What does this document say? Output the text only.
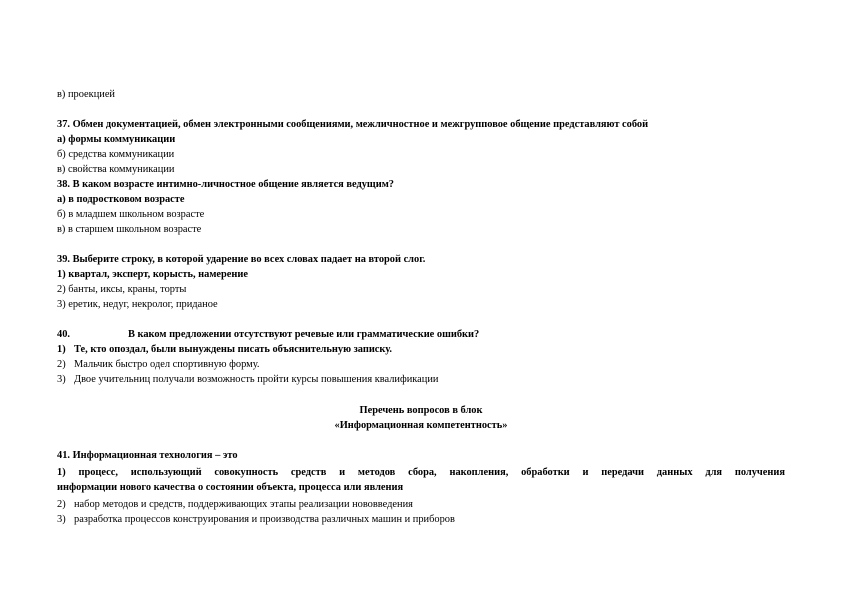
в) проекцией
37. Обмен документацией, обмен электронными сообщениями, межличностное и межгрупповое общение представляют собой
а) формы коммуникации
б) средства коммуникации
в) свойства коммуникации
38. В каком возрасте интимно-личностное общение является ведущим?
а) в подростковом возрасте
б) в младшем школьном возрасте
в) в старшем школьном возрасте
39. Выберите строку, в которой ударение во всех словах падает на второй слог.
1) квартал, эксперт, корысть, намерение
2) банты, иксы, краны, торты
3) еретик, недуг, некролог, приданое
40.	В каком предложении отсутствуют речевые или грамматические ошибки?
1) Те, кто опоздал, были вынуждены писать объяснительную записку.
2) Мальчик быстро одел спортивную форму.
3) Двое учительниц получали возможность пройти курсы повышения квалификации
Перечень вопросов в блок
«Информационная компетентность»
41. Информационная технология – это
1) процесс, использующий совокупность средств и методов сбора, накопления, обработки и передачи данных для получения
информации нового качества о состоянии объекта, процесса или явления
2) набор методов и средств, поддерживающих этапы реализации нововведения
3) разработка процессов конструирования и производства различных машин и приборов
